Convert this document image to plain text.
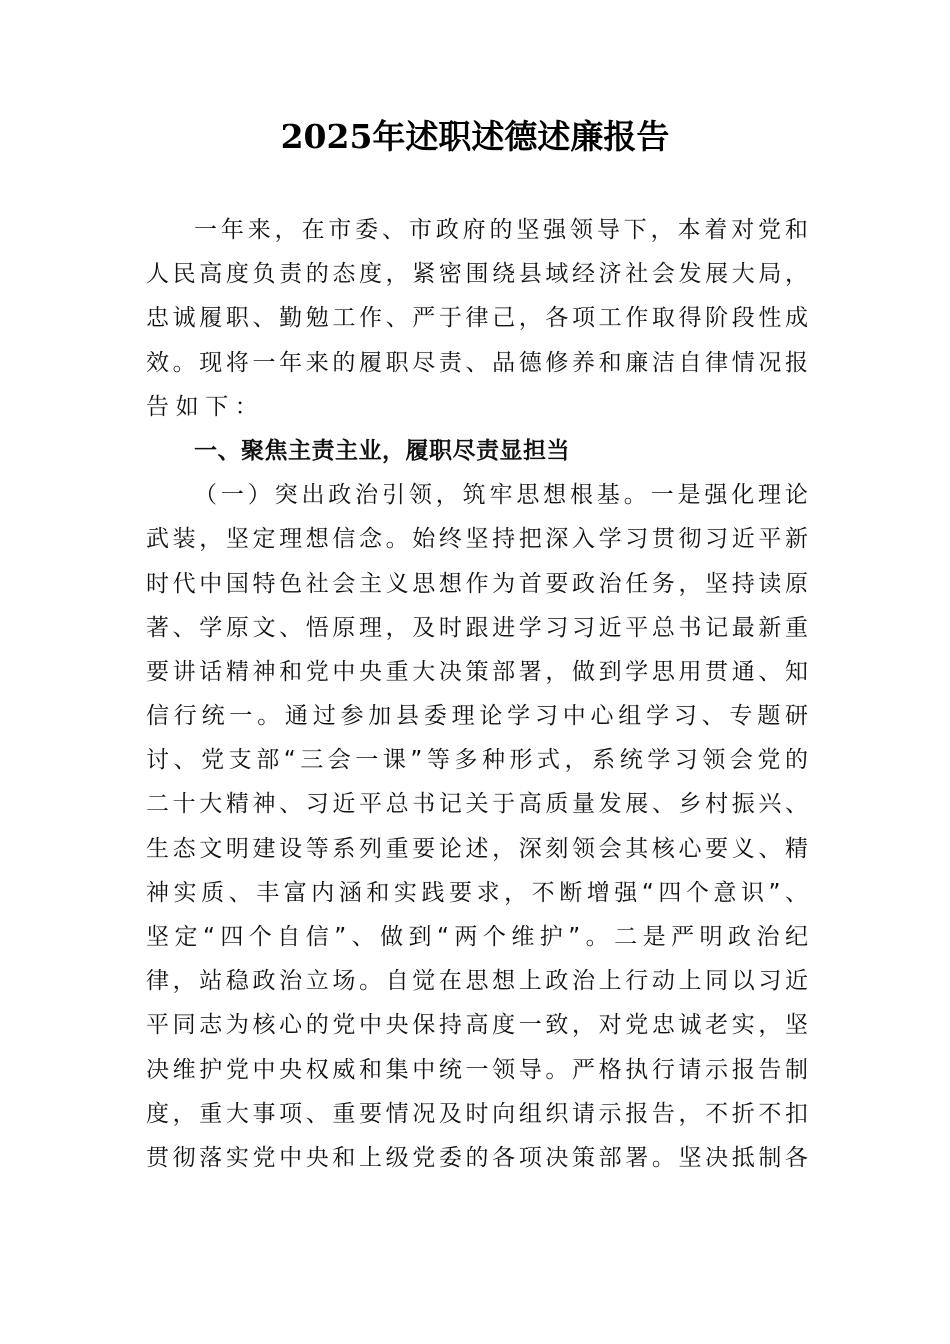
2025年述职述德述廉报告
一 年 来 ， 在 市 委 、 市 政 府 的 坚 强 领 导 下 ， 本 着 对 党 和
人 民 高 度 负 责 的 态 度 ， 紧 密 围 绕 县 域 经 济 社 会 发 展 大 局 ，
忠 诚 履 职 、 勤 勉 工 作 、 严 于 律 己 ， 各 项 工 作 取 得 阶 段 性 成
效 。 现 将 一 年 来 的 履 职 尽 责 、 品 德 修 养 和 廉 洁 自 律 情 况 报
告 如 下 ：
一 、 聚 焦 主 责 主 业 ， 履 职 尽 责 显 担 当
（ 一 ） 突 出 政 治 引 领 ， 筑 牢 思 想 根 基 。 一 是 强 化 理 论
武 装 ， 坚 定 理 想 信 念 。 始 终 坚 持 把 深 入 学 习 贯 彻 习 近 平 新
时 代 中 国 特 色 社 会 主 义 思 想 作 为 首 要 政 治 任 务 ， 坚 持 读 原
著 、 学 原 文 、 悟 原 理 ， 及 时 跟 进 学 习 习 近 平 总 书 记 最 新 重
要 讲 话 精 神 和 党 中 央 重 大 决 策 部 署 ， 做 到 学 思 用 贯 通 、 知
信 行 统 一 。 通 过 参 加 县 委 理 论 学 习 中 心 组 学 习 、 专 题 研
讨 、 党 支 部 “ 三 会 一 课 ” 等 多 种 形 式 ， 系 统 学 习 领 会 党 的
二 十 大 精 神 、 习 近 平 总 书 记 关 于 高 质 量 发 展 、 乡 村 振 兴 、
生 态 文 明 建 设 等 系 列 重 要 论 述 ， 深 刻 领 会 其 核 心 要 义 、 精
神 实 质 、 丰 富 内 涵 和 实 践 要 求 ， 不 断 增 强 “ 四 个 意 识 ” 、
坚 定 “ 四 个 自 信 ” 、 做 到 “ 两 个 维 护 ” 。 二 是 严 明 政 治 纪
律 ， 站 稳 政 治 立 场 。 自 觉 在 思 想 上 政 治 上 行 动 上 同 以 习 近
平 同 志 为 核 心 的 党 中 央 保 持 高 度 一 致 ， 对 党 忠 诚 老 实 ， 坚
决 维 护 党 中 央 权 威 和 集 中 统 一 领 导 。 严 格 执 行 请 示 报 告 制
度 ， 重 大 事 项 、 重 要 情 况 及 时 向 组 织 请 示 报 告 ， 不 折 不 扣
贯 彻 落 实 党 中 央 和 上 级 党 委 的 各 项 决 策 部 署 。 坚 决 抵 制 各
